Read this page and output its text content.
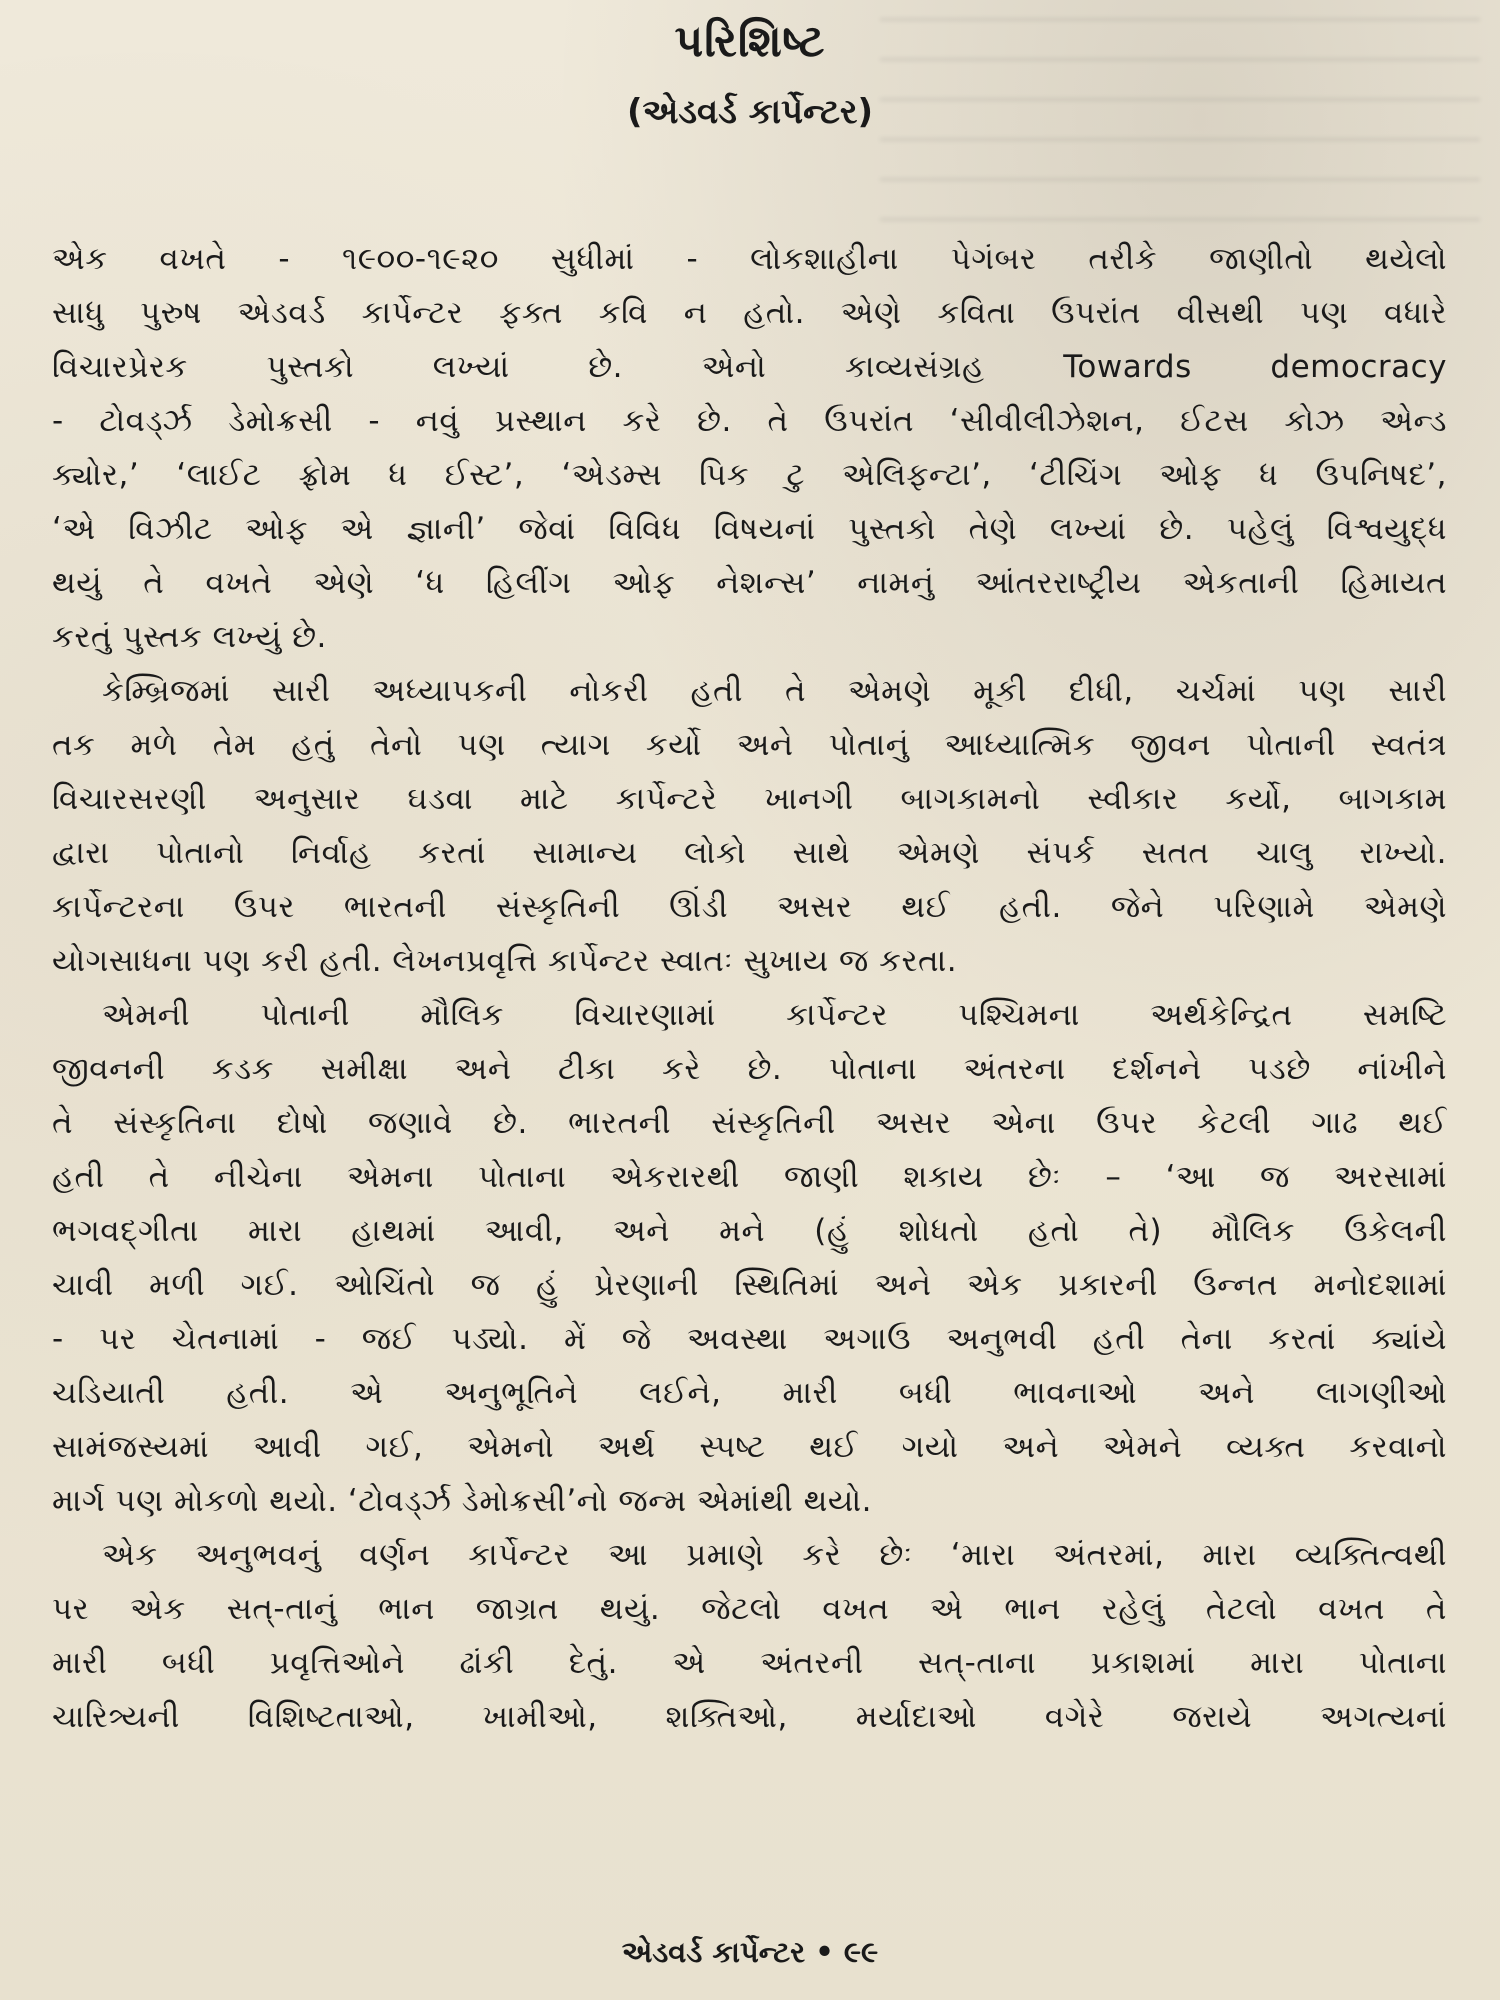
પરિશિષ્ટ
(એડવર્ડ કાર્પેન્ટર)
એક વખતે - ૧૯૦૦-૧૯૨૦ સુધીમાં - લોકશાહીના પેગંબર તરીકે જાણીતો થયેલો
સાધુ પુરુષ એડવર્ડ કાર્પેન્ટર ફક્ત કવિ ન હતો. એણે કવિતા ઉપરાંત વીસથી પણ વધારે
વિચારપ્રેરક પુસ્તકો લખ્યાં છે. એનો કાવ્યસંગ્રહ Towards democracy
- ટોવર્ડ્ઝ ડેમોક્રસી - નવું પ્રસ્થાન કરે છે. તે ઉપરાંત ‘સીવીલીઝેશન, ઈટસ કોઝ એન્ડ
ક્યોર,’ ‘લાઈટ ફ્રોમ ધ ઈસ્ટ’, ‘એડમ્સ પિક ટુ એલિફન્ટા’, ‘ટીચિંગ ઓફ ધ ઉપનિષદ’,
‘એ વિઝીટ ઓફ એ જ્ઞાની’ જેવાં વિવિધ વિષયનાં પુસ્તકો તેણે લખ્યાં છે. પહેલું વિશ્વયુદ્ધ
થયું તે વખતે એણે ‘ધ હિલીંગ ઓફ નેશન્સ’ નામનું આંતરરાષ્ટ્રીય એકતાની હિમાયત
કરતું પુસ્તક લખ્યું છે.
કેમ્બ્રિજમાં સારી અધ્યાપકની નોકરી હતી તે એમણે મૂકી દીધી, ચર્ચમાં પણ સારી
તક મળે તેમ હતું તેનો પણ ત્યાગ કર્યો અને પોતાનું આધ્યાત્મિક જીવન પોતાની સ્વતંત્ર
વિચારસરણી અનુસાર ઘડવા માટે કાર્પેન્ટરે ખાનગી બાગકામનો સ્વીકાર કર્યો, બાગકામ
દ્વારા પોતાનો નિર્વાહ કરતાં સામાન્ય લોકો સાથે એમણે સંપર્ક સતત ચાલુ રાખ્યો.
કાર્પેન્ટરના ઉપર ભારતની સંસ્કૃતિની ઊંડી અસર થઈ હતી. જેને પરિણામે એમણે
યોગસાધના પણ કરી હતી. લેખનપ્રવૃત્તિ કાર્પેન્ટર સ્વાતઃ સુખાય જ કરતા.
એમની પોતાની મૌલિક વિચારણામાં કાર્પેન્ટર પશ્ચિમના અર્થકેન્દ્રિત સમષ્ટિ
જીવનની કડક સમીક્ષા અને ટીકા કરે છે. પોતાના અંતરના દર્શનને પડછે નાંખીને
તે સંસ્કૃતિના દોષો જણાવે છે. ભારતની સંસ્કૃતિની અસર એના ઉપર કેટલી ગાઢ થઈ
હતી તે નીચેના એમના પોતાના એકરારથી જાણી શકાય છેઃ – ‘આ જ અરસામાં
ભગવદ્ગીતા મારા હાથમાં આવી, અને મને (હું શોધતો હતો તે) મૌલિક ઉકેલની
ચાવી મળી ગઈ. ઓચિંતો જ હું પ્રેરણાની સ્થિતિમાં અને એક પ્રકારની ઉન્નત મનોદશામાં
- પર ચેતનામાં - જઈ પડ્યો. મેં જે અવસ્થા અગાઉ અનુભવી હતી તેના કરતાં ક્યાંયે
ચડિયાતી હતી. એ અનુભૂતિને લઈને, મારી બધી ભાવનાઓ અને લાગણીઓ
સામંજસ્યમાં આવી ગઈ, એમનો અર્થ સ્પષ્ટ થઈ ગયો અને એમને વ્યક્ત કરવાનો
માર્ગ પણ મોકળો થયો. ‘ટોવર્ડ્ઝ ડેમોક્રસી’નો જન્મ એમાંથી થયો.
એક અનુભવનું વર્ણન કાર્પેન્ટર આ પ્રમાણે કરે છેઃ ‘મારા અંતરમાં, મારા વ્યક્તિત્વથી
પર એક સત્-તાનું ભાન જાગ્રત થયું. જેટલો વખત એ ભાન રહેલું તેટલો વખત તે
મારી બધી પ્રવૃત્તિઓને ઢાંકી દેતું. એ અંતરની સત્-તાના પ્રકાશમાં મારા પોતાના
ચારિત્ર્યની વિશિષ્ટતાઓ, ખામીઓ, શક્તિઓ, મર્યાદાઓ વગેરે જરાયે અગત્યનાં
એડવર્ડ કાર્પેન્ટર • ૯૯
